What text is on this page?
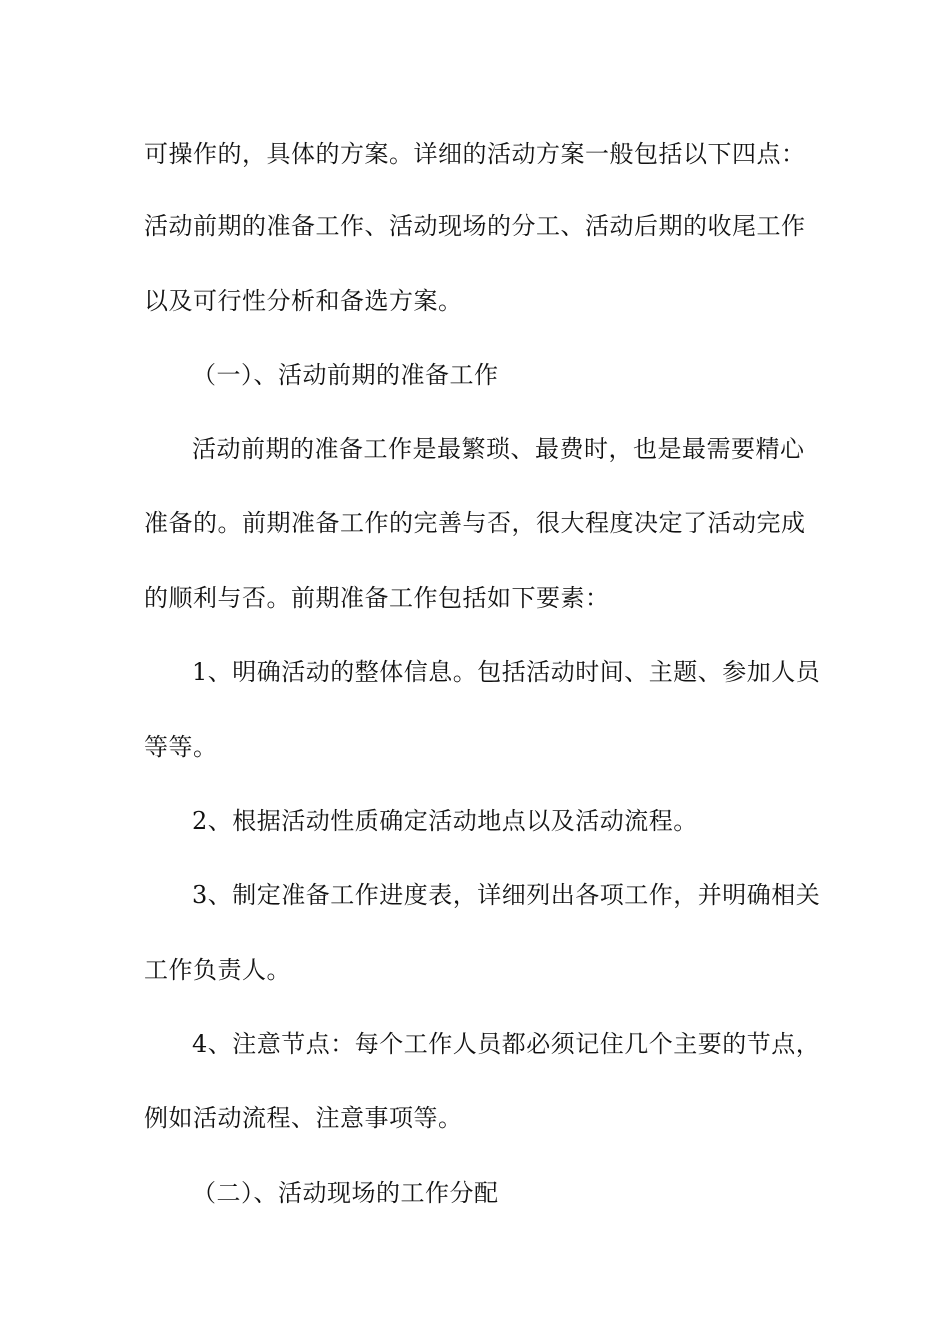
可操作的，具体的方案。详细的活动方案一般包括以下四点：
活动前期的准备工作、活动现场的分工、活动后期的收尾工作
以及可行性分析和备选方案。
（一）、活动前期的准备工作
活动前期的准备工作是最繁琐、最费时，也是最需要精心
准备的。前期准备工作的完善与否，很大程度决定了活动完成
的顺利与否。前期准备工作包括如下要素：
1、明确活动的整体信息。包括活动时间、主题、参加人员
等等。
2、根据活动性质确定活动地点以及活动流程。
3、制定准备工作进度表，详细列出各项工作，并明确相关
工作负责人。
4、注意节点：每个工作人员都必须记住几个主要的节点，
例如活动流程、注意事项等。
（二）、活动现场的工作分配
